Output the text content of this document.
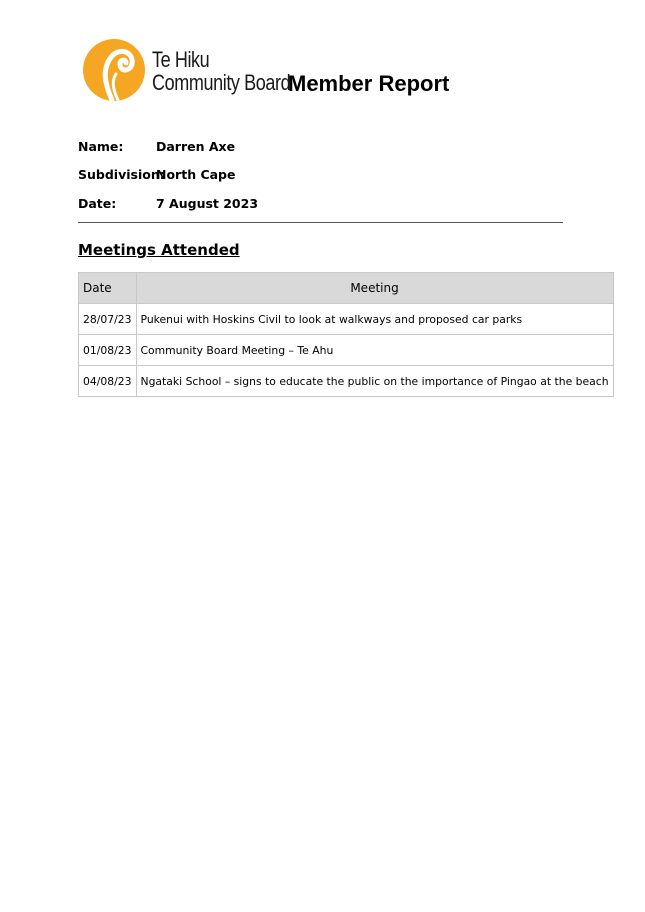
Te Hiku
Community Board
Member Report
Name:	Darren Axe
Subdivision:
North Cape
Date:	7 August 2023
Meetings Attended
Date	Meeting
28/07/23	Pukenui with Hoskins Civil to look at walkways and proposed car parks
01/08/23	Community Board Meeting – Te Ahu
04/08/23	Ngataki School – signs to educate the public on the importance of Pingao at the beach
